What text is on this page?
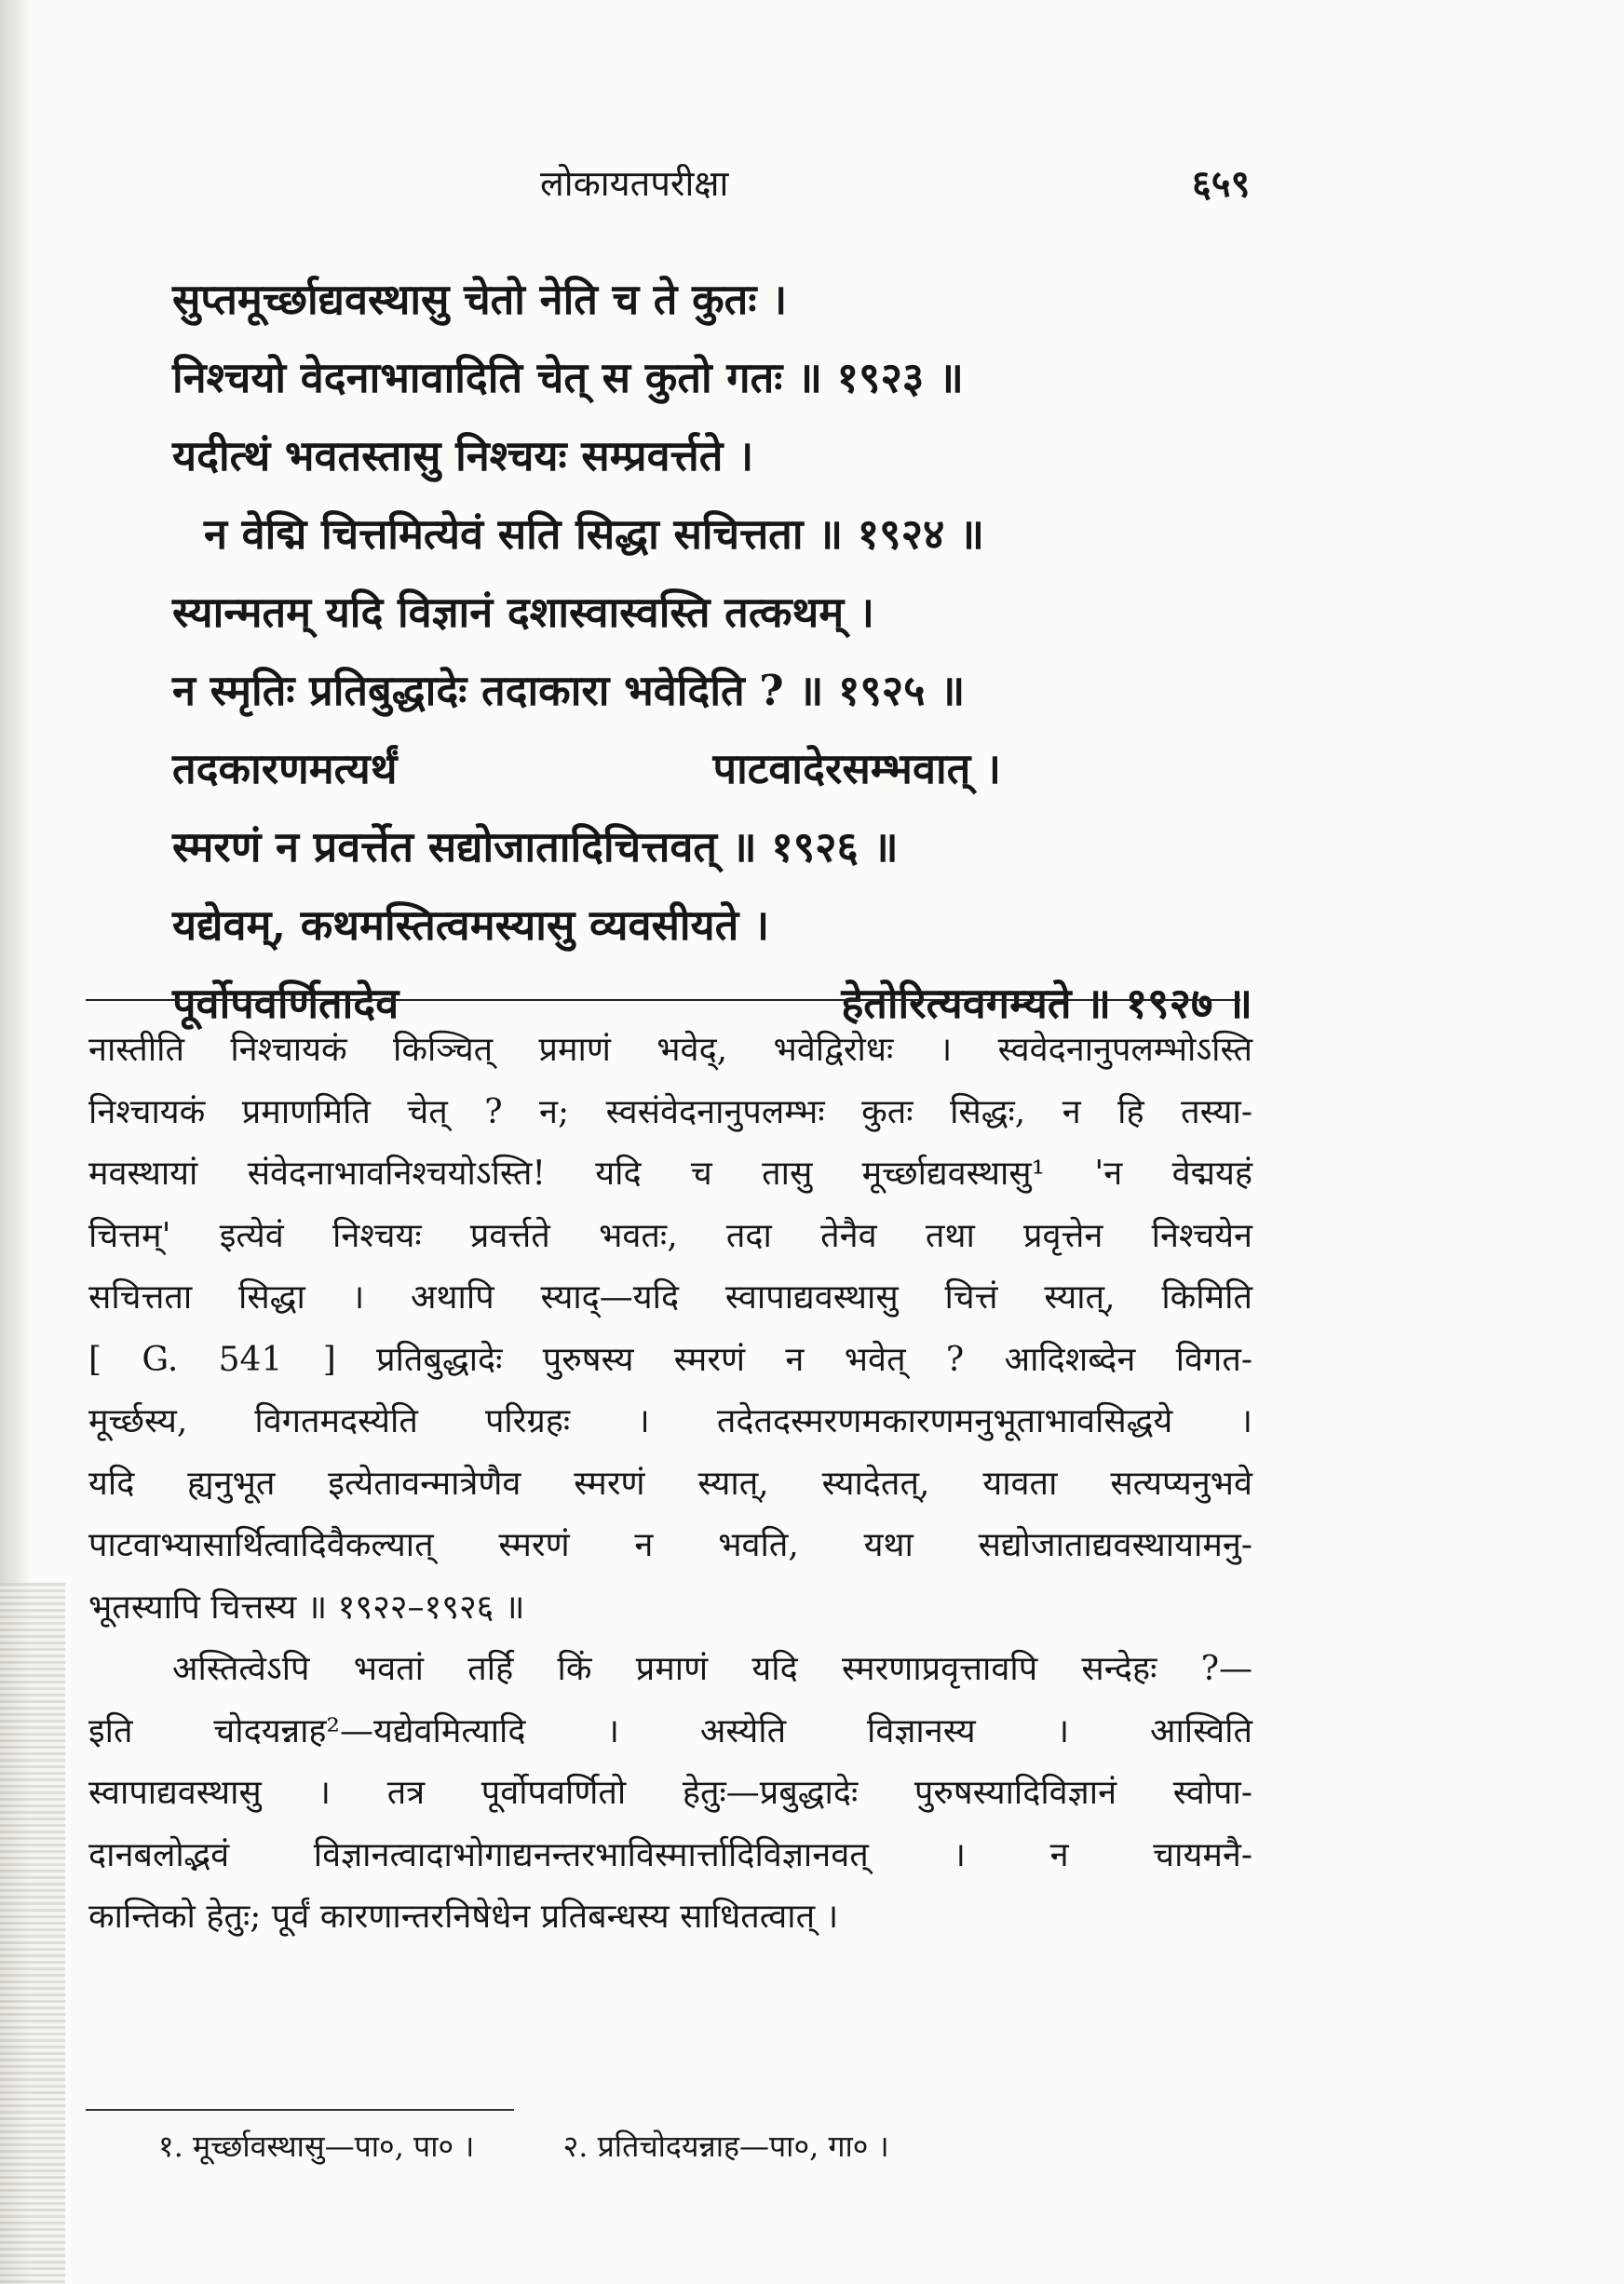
लोकायतपरीक्षा	६५९
सुप्तमूर्च्छाद्यवस्थासु चेतो नेति च ते कुतः ।
निश्चयो वेदनाभावादिति चेत् स कुतो गतः ॥ १९२३ ॥
यदीत्थं भवतस्तासु निश्चयः सम्प्रवर्त्तते ।
न वेद्मि चित्तमित्येवं सति सिद्धा सचित्तता ॥ १९२४ ॥
स्यान्मतम् यदि विज्ञानं दशास्वास्वस्ति तत्कथम् ।
न स्मृतिः प्रतिबुद्धादेः तदाकारा भवेदिति ? ॥ १९२५ ॥
तदकारणमत्यर्थं	पाटवादेरसम्भवात् ।
स्मरणं न प्रवर्त्तेत सद्योजातादिचित्तवत् ॥ १९२६ ॥
यद्येवम्, कथमस्तित्वमस्यासु व्यवसीयते ।
पूर्वोपवर्णितादेव	हेतोरित्यवगम्यते ॥ १९२७ ॥
नास्तीति निश्चायकं किञ्चित् प्रमाणं भवेद्, भवेद्विरोधः । स्ववेदनानुपलम्भोऽस्ति
निश्चायकं प्रमाणमिति चेत् ? न; स्वसंवेदनानुपलम्भः कुतः सिद्धः, न हि तस्या-
मवस्थायां संवेदनाभावनिश्चयोऽस्ति! यदि च तासु मूर्च्छाद्यवस्थासु¹ 'न वेद्मयहं
चित्तम्' इत्येवं निश्चयः प्रवर्त्तते भवतः, तदा तेनैव तथा प्रवृत्तेन निश्चयेन
सचित्तता सिद्धा । अथापि स्याद्—यदि स्वापाद्यवस्थासु चित्तं स्यात्, किमिति
[ G. 541 ] प्रतिबुद्धादेः पुरुषस्य स्मरणं न भवेत् ? आदिशब्देन विगत-
मूर्च्छस्य, विगतमदस्येति परिग्रहः । तदेतदस्मरणमकारणमनुभूताभावसिद्धये ।
यदि ह्यनुभूत इत्येतावन्मात्रेणैव स्मरणं स्यात्, स्यादेतत्, यावता सत्यप्यनुभवे
पाटवाभ्यासार्थित्वादिवैकल्यात् स्मरणं न भवति, यथा सद्योजाताद्यवस्थायामनु-
भूतस्यापि चित्तस्य ॥ १९२२–१९२६ ॥
अस्तित्वेऽपि भवतां तर्हि किं प्रमाणं यदि स्मरणाप्रवृत्तावपि सन्देहः ?—
इति चोदयन्नाह²—यद्येवमित्यादि । अस्येति विज्ञानस्य । आस्विति
स्वापाद्यवस्थासु । तत्र पूर्वोपवर्णितो हेतुः—प्रबुद्धादेः पुरुषस्यादिविज्ञानं स्वोपा-
दानबलोद्भवं विज्ञानत्वादाभोगाद्यनन्तरभाविस्मार्त्तादिविज्ञानवत् । न चायमनै-
कान्तिको हेतुः; पूर्वं कारणान्तरनिषेधेन प्रतिबन्धस्य साधितत्वात् ।
१. मूर्च्छावस्थासु—पा०, पा० ।	२. प्रतिचोदयन्नाह—पा०, गा० ।
